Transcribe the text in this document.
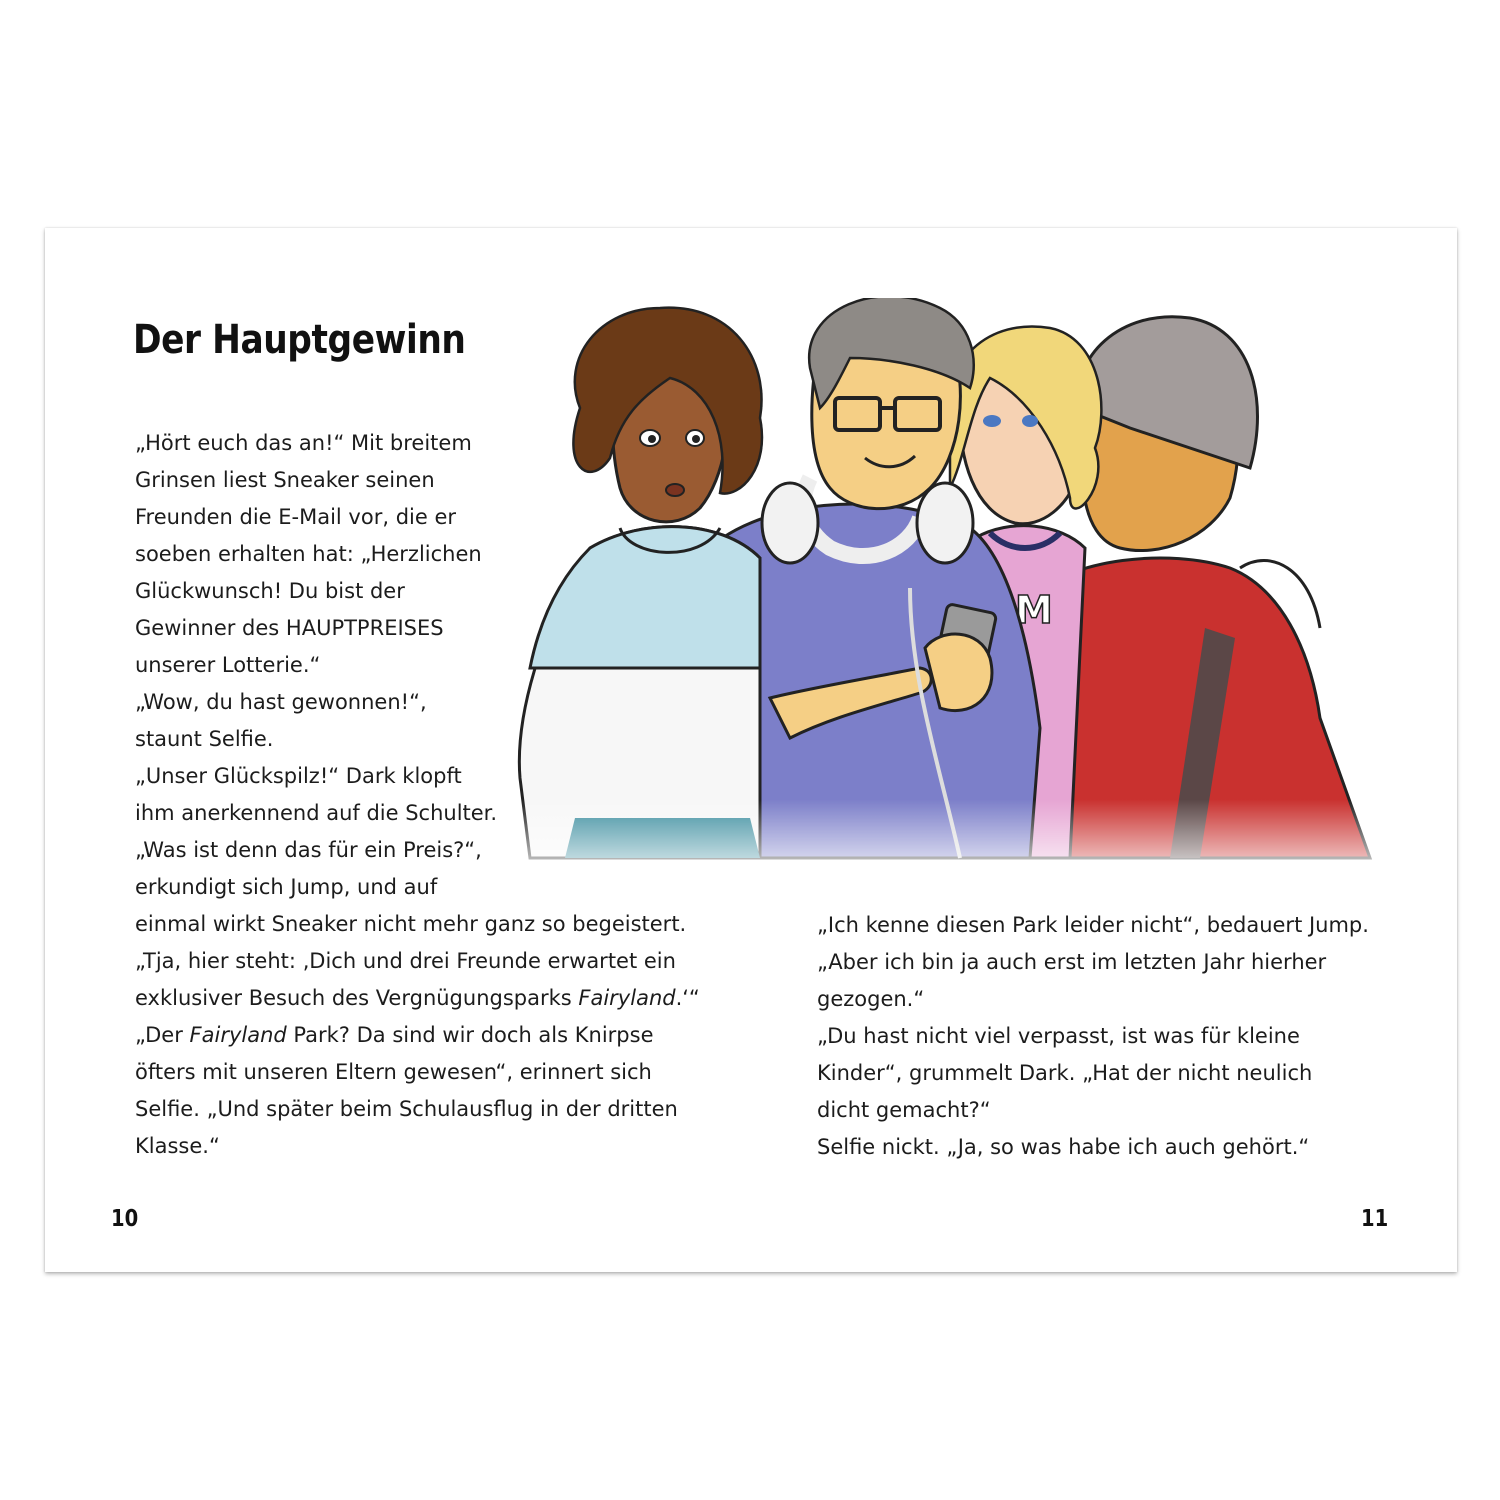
Der Hauptgewinn
„Hört euch das an!“ Mit breitem
Grinsen liest Sneaker seinen
Freunden die E-Mail vor, die er
soeben erhalten hat: „Herzlichen
Glückwunsch! Du bist der
Gewinner des HAUPTPREISES
unserer Lotterie.“
„Wow, du hast gewonnen!“,
staunt Selfie.
„Unser Glückspilz!“ Dark klopft
ihm anerkennend auf die Schulter.
„Was ist denn das für ein Preis?“,
erkundigt sich Jump, und auf
einmal wirkt Sneaker nicht mehr ganz so begeistert.
„Tja, hier steht: ‚Dich und drei Freunde erwartet ein
exklusiver Besuch des Vergnügungsparks Fairyland.‘“
„Der Fairyland Park? Da sind wir doch als Knirpse
öfters mit unseren Eltern gewesen“, erinnert sich
Selfie. „Und später beim Schulausflug in der dritten
Klasse.“
„Ich kenne diesen Park leider nicht“, bedauert Jump.
„Aber ich bin ja auch erst im letzten Jahr hierher
gezogen.“
„Du hast nicht viel verpasst, ist was für kleine
Kinder“, grummelt Dark. „Hat der nicht neulich
dicht gemacht?“
Selfie nickt. „Ja, so was habe ich auch gehört.“
10	11
